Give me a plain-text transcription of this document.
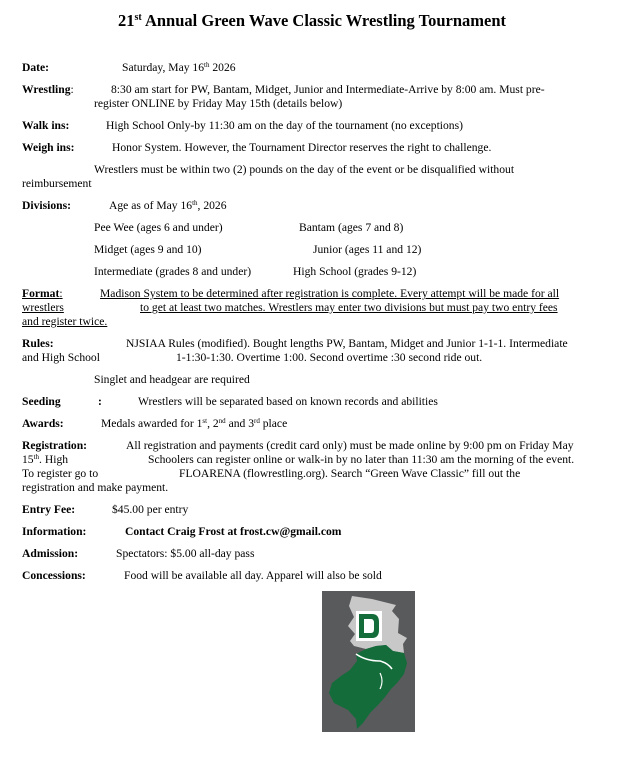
21st Annual Green Wave Classic Wrestling Tournament
Date:	Saturday, May 16th 2026
Wrestling:	8:30 am start for PW, Bantam, Midget, Junior and Intermediate-Arrive by 8:00 am. Must pre-
register ONLINE by Friday May 15th (details below)
Walk ins:	High School Only-by 11:30 am on the day of the tournament (no exceptions)
Weigh ins:	Honor System. However, the Tournament Director reserves the right to challenge.
Wrestlers must be within two (2) pounds on the day of the event or be disqualified without
reimbursement
Divisions:	Age as of May 16th, 2026
Pee Wee (ages 6 and under)	Bantam (ages 7 and 8)
Midget (ages 9 and 10)	Junior (ages 11 and 12)
Intermediate (grades 8 and under)	High School (grades 9-12)
Format:	Madison System to be determined after registration is complete. Every attempt will be made for all
wrestlers	to get at least two matches. Wrestlers may enter two divisions but must pay two entry fees
and register twice.
Rules:	NJSIAA Rules (modified). Bought lengths PW, Bantam, Midget and Junior 1-1-1. Intermediate
and High School	1-1:30-1:30. Overtime 1:00. Second overtime :30 second ride out.
Singlet and headgear are required
Seeding	:	Wrestlers will be separated based on known records and abilities
Awards:	Medals awarded for 1st, 2nd and 3rd place
Registration:	All registration and payments (credit card only) must be made online by 9:00 pm on Friday May
15th. High	Schoolers can register online or walk-in by no later than 11:30 am the morning of the event.
To register go to	FLOARENA (flowrestling.org). Search “Green Wave Classic” fill out the
registration and make payment.
Entry Fee:	$45.00 per entry
Information:	Contact Craig Frost at frost.cw@gmail.com
Admission:	Spectators: $5.00 all-day pass
Concessions:	Food will be available all day. Apparel will also be sold
